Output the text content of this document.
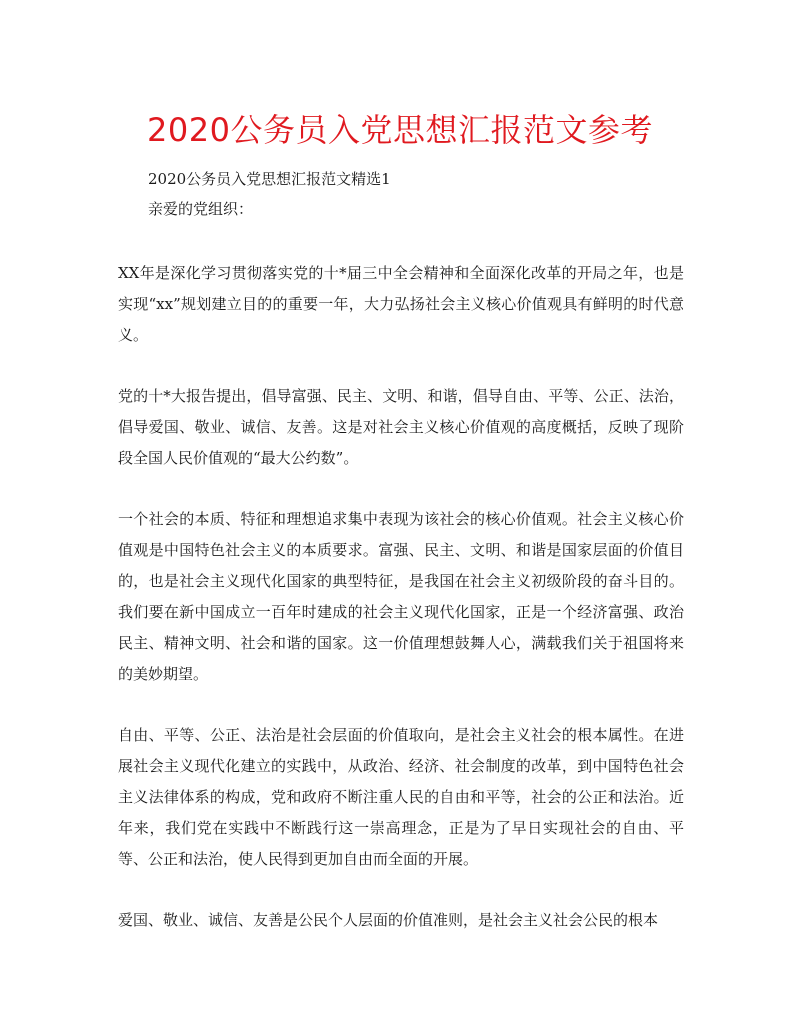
2020公务员入党思想汇报范文参考

2020公务员入党思想汇报范文精选1

亲爱的党组织：

XX年是深化学习贯彻落实党的十*届三中全会精神和全面深化改革的开局之年，也是实现“xx”规划建立目的的重要一年，大力弘扬社会主义核心价值观具有鲜明的时代意义。

党的十*大报告提出，倡导富强、民主、文明、和谐，倡导自由、平等、公正、法治，倡导爱国、敬业、诚信、友善。这是对社会主义核心价值观的高度概括，反映了现阶段全国人民价值观的“最大公约数”。

一个社会的本质、特征和理想追求集中表现为该社会的核心价值观。社会主义核心价值观是中国特色社会主义的本质要求。富强、民主、文明、和谐是国家层面的价值目的，也是社会主义现代化国家的典型特征，是我国在社会主义初级阶段的奋斗目的。我们要在新中国成立一百年时建成的社会主义现代化国家，正是一个经济富强、政治民主、精神文明、社会和谐的国家。这一价值理想鼓舞人心，满载我们关于祖国将来的美妙期望。

自由、平等、公正、法治是社会层面的价值取向，是社会主义社会的根本属性。在进展社会主义现代化建立的实践中，从政治、经济、社会制度的改革，到中国特色社会主义法律体系的构成，党和政府不断注重人民的自由和平等，社会的公正和法治。近年来，我们党在实践中不断践行这一崇高理念，正是为了早日实现社会的自由、平等、公正和法治，使人民得到更加自由而全面的开展。

爱国、敬业、诚信、友善是公民个人层面的价值准则，是社会主义社会公民的根本
